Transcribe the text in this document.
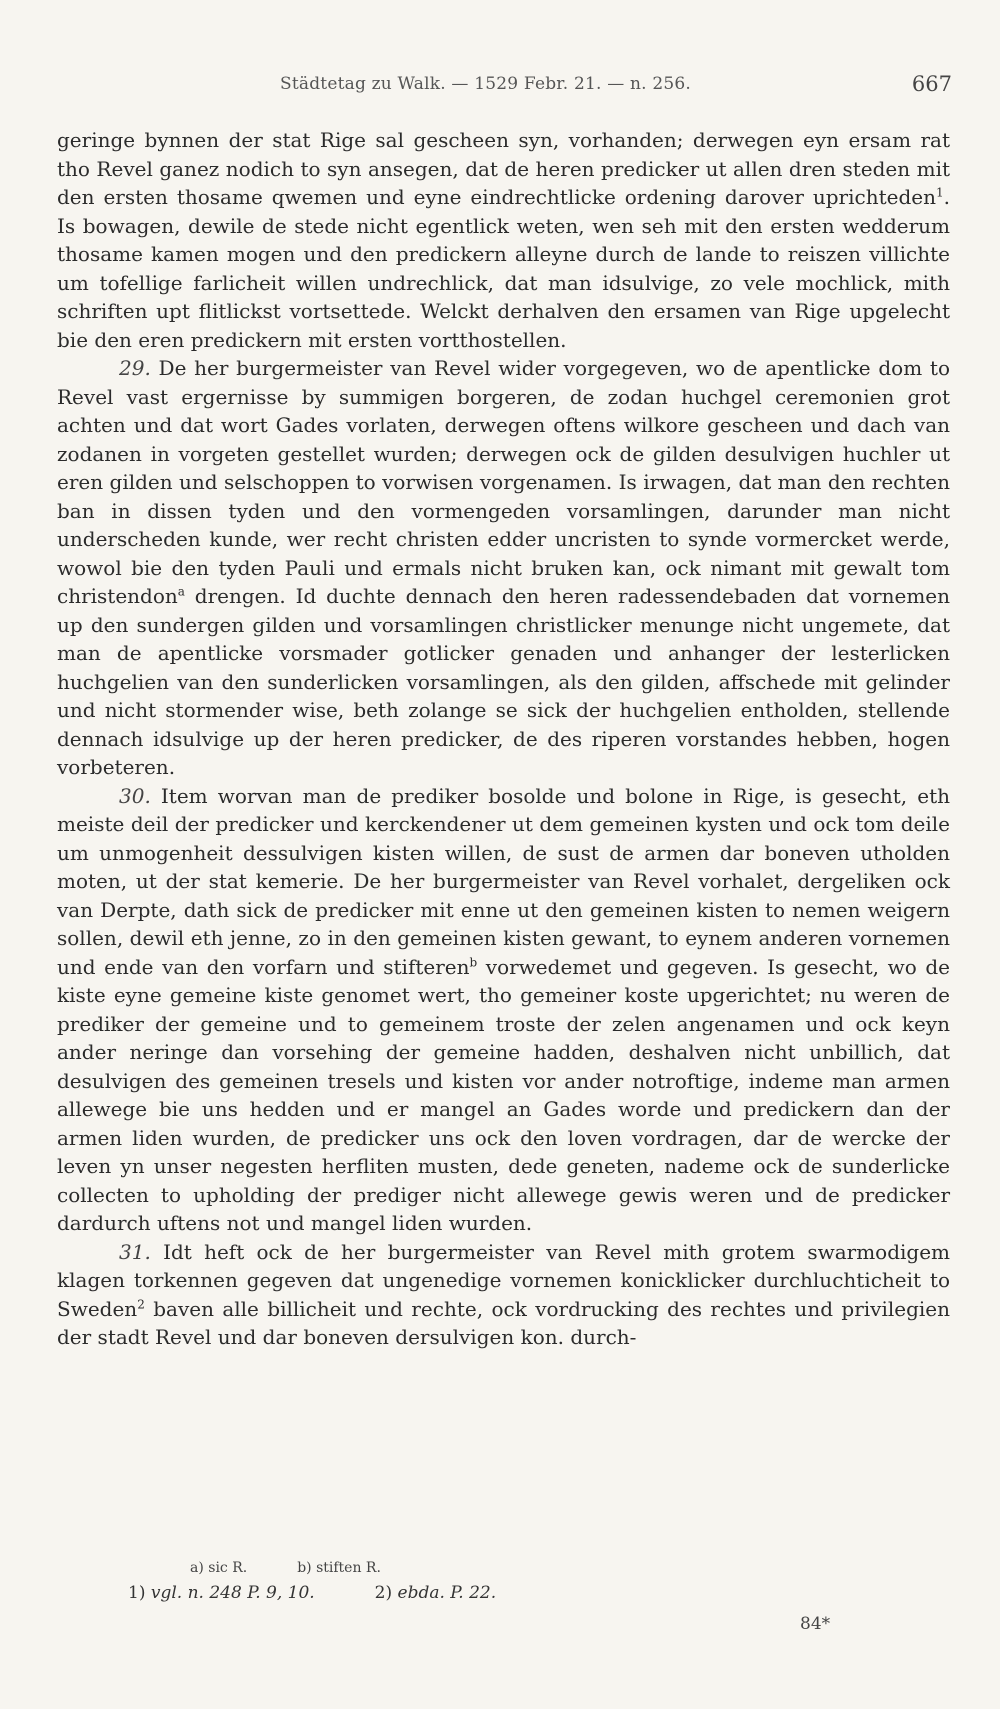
Städtetag zu Walk. — 1529 Febr. 21. — n. 256.	667

geringe bynnen der stat Rige sal gescheen syn, vorhanden; derwegen eyn ersam rat tho Revel ganez nodich to syn ansegen, dat de heren predicker ut allen dren steden mit den ersten thosame qwemen und eyne eindrechtlicke ordening darover uprichteden$^1$. Is bowagen, dewile de stede nicht egentlick weten, wen seh mit den ersten wedderum thosame kamen mogen und den predickern alleyne durch de lande to reiszen villichte um tofellige farlicheit willen undrechlick, dat man idsulvige, zo vele mochlick, mith schriften upt flitlickst vortsettede. Welckt derhalven den ersamen van Rige upgelecht bie den eren predickern mit ersten vortthostellen.

29. De her burgermeister van Revel wider vorgegeven, wo de apentlicke dom to Revel vast ergernisse by summigen borgeren, de zodan huchgel ceremonien grot achten und dat wort Gades vorlaten, derwegen oftens wilkore gescheen und dach van zodanen in vorgeten gestellet wurden; derwegen ock de gilden desulvigen huchler ut eren gilden und selschoppen to vorwisen vorgenamen. Is irwagen, dat man den rechten ban in dissen tyden und den vormengeden vorsamlingen, darunder man nicht underscheden kunde, wer recht christen edder uncristen to synde vormercket werde, wowol bie den tyden Pauli und ermals nicht bruken kan, ock nimant mit gewalt tom christendon$^a$ drengen. Id duchte dennach den heren radessendebaden dat vornemen up den sundergen gilden und vorsamlingen christlicker menunge nicht ungemete, dat man de apentlicke vorsmader gotlicker genaden und anhanger der lesterlicken huchgelien van den sunderlicken vorsamlingen, als den gilden, affschede mit gelinder und nicht stormender wise, beth zolange se sick der huchgelien entholden, stellende dennach idsulvige up der heren predicker, de des riperen vorstandes hebben, hogen vorbeteren.

30. Item worvan man de prediker bosolde und bolone in Rige, is gesecht, eth meiste deil der predicker und kerckendener ut dem gemeinen kysten und ock tom deile um unmogenheit dessulvigen kisten willen, de sust de armen dar boneven utholden moten, ut der stat kemerie. De her burgermeister van Revel vorhalet, dergeliken ock van Derpte, dath sick de predicker mit enne ut den gemeinen kisten to nemen weigern sollen, dewil eth jenne, zo in den gemeinen kisten gewant, to eynem anderen vornemen und ende van den vorfarn und stifteren$^b$ vorwedemet und gegeven. Is gesecht, wo de kiste eyne gemeine kiste genomet wert, tho gemeiner koste upgerichtet; nu weren de prediker der gemeine und to gemeinem troste der zelen angenamen und ock keyn ander neringe dan vorsehing der gemeine hadden, deshalven nicht unbillich, dat desulvigen des gemeinen tresels und kisten vor ander notroftige, indeme man armen allewege bie uns hedden und er mangel an Gades worde und predickern dan der armen liden wurden, de predicker uns ock den loven vordragen, dar de wercke der leven yn unser negesten herfliten musten, dede geneten, nademe ock de sunderlicke collecten to upholding der prediger nicht allewege gewis weren und de predicker dardurch uftens not und mangel liden wurden.

31. Idt heft ock de her burgermeister van Revel mith grotem swarmodigem klagen torkennen gegeven dat ungenedige vornemen konicklicker durchluchticheit to Sweden$^2$ baven alle billicheit und rechte, ock vordrucking des rechtes und privilegien der stadt Revel und dar boneven dersulvigen kon. durch-

a) sic R.	b) stiften R.
1) vgl. n. 248 P. 9, 10.	2) ebda. P. 22.
84*
